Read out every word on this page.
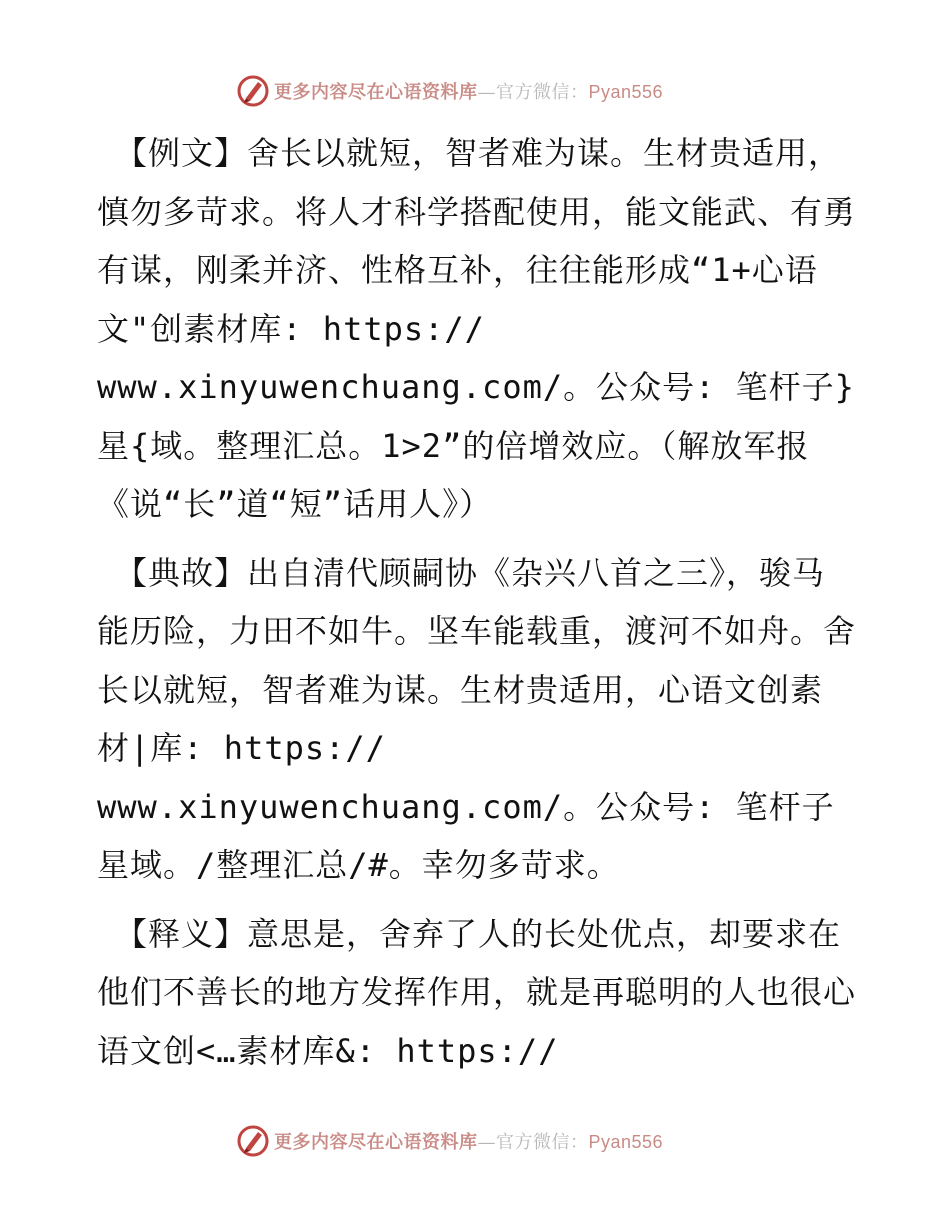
更多内容尽在心语资料库—官方微信：Pyan556

【例文】舍长以就短，智者难为谋。生材贵适用，慎勿多苛求。将人才科学搭配使用，能文能武、有勇有谋，刚柔并济、性格互补，往往能形成“1+心语文"创素材库: https://
www.xinyuwenchuang.com/。公众号: 笔杆子}星{域。整理汇总。1>2”的倍增效应。（解放军报《说“长”道“短”话用人》）

【典故】出自清代顾嗣协《杂兴八首之三》，骏马能历险，力田不如牛。坚车能载重，渡河不如舟。舍长以就短，智者难为谋。生材贵适用，心语文创素材|库: https://
www.xinyuwenchuang.com/。公众号: 笔杆子星域。/整理汇总/#。幸勿多苛求。

【释义】意思是，舍弃了人的长处优点，却要求在他们不善长的地方发挥作用，就是再聪明的人也很心语文创<…素材库&: https://

更多内容尽在心语资料库—官方微信：Pyan556
